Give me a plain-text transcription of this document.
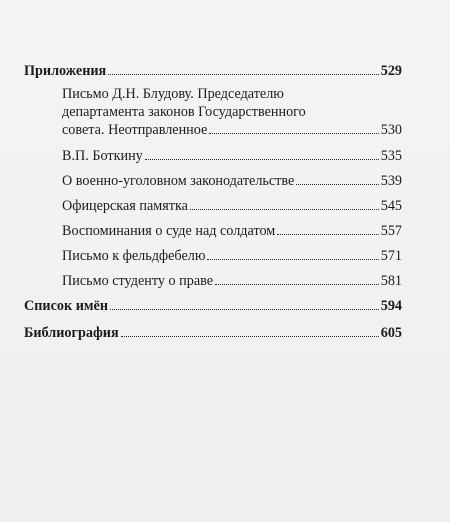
Приложения	529
Письмо Д.Н. Блудову. Председателю
департамента законов Государственного
совета. Неотправленное	530
В.П. Боткину	535
О военно-уголовном законодательстве	539
Офицерская памятка	545
Воспоминания о суде над солдатом	557
Письмо к фельдфебелю	571
Письмо студенту о праве	581
Список имён	594
Библиография	605
